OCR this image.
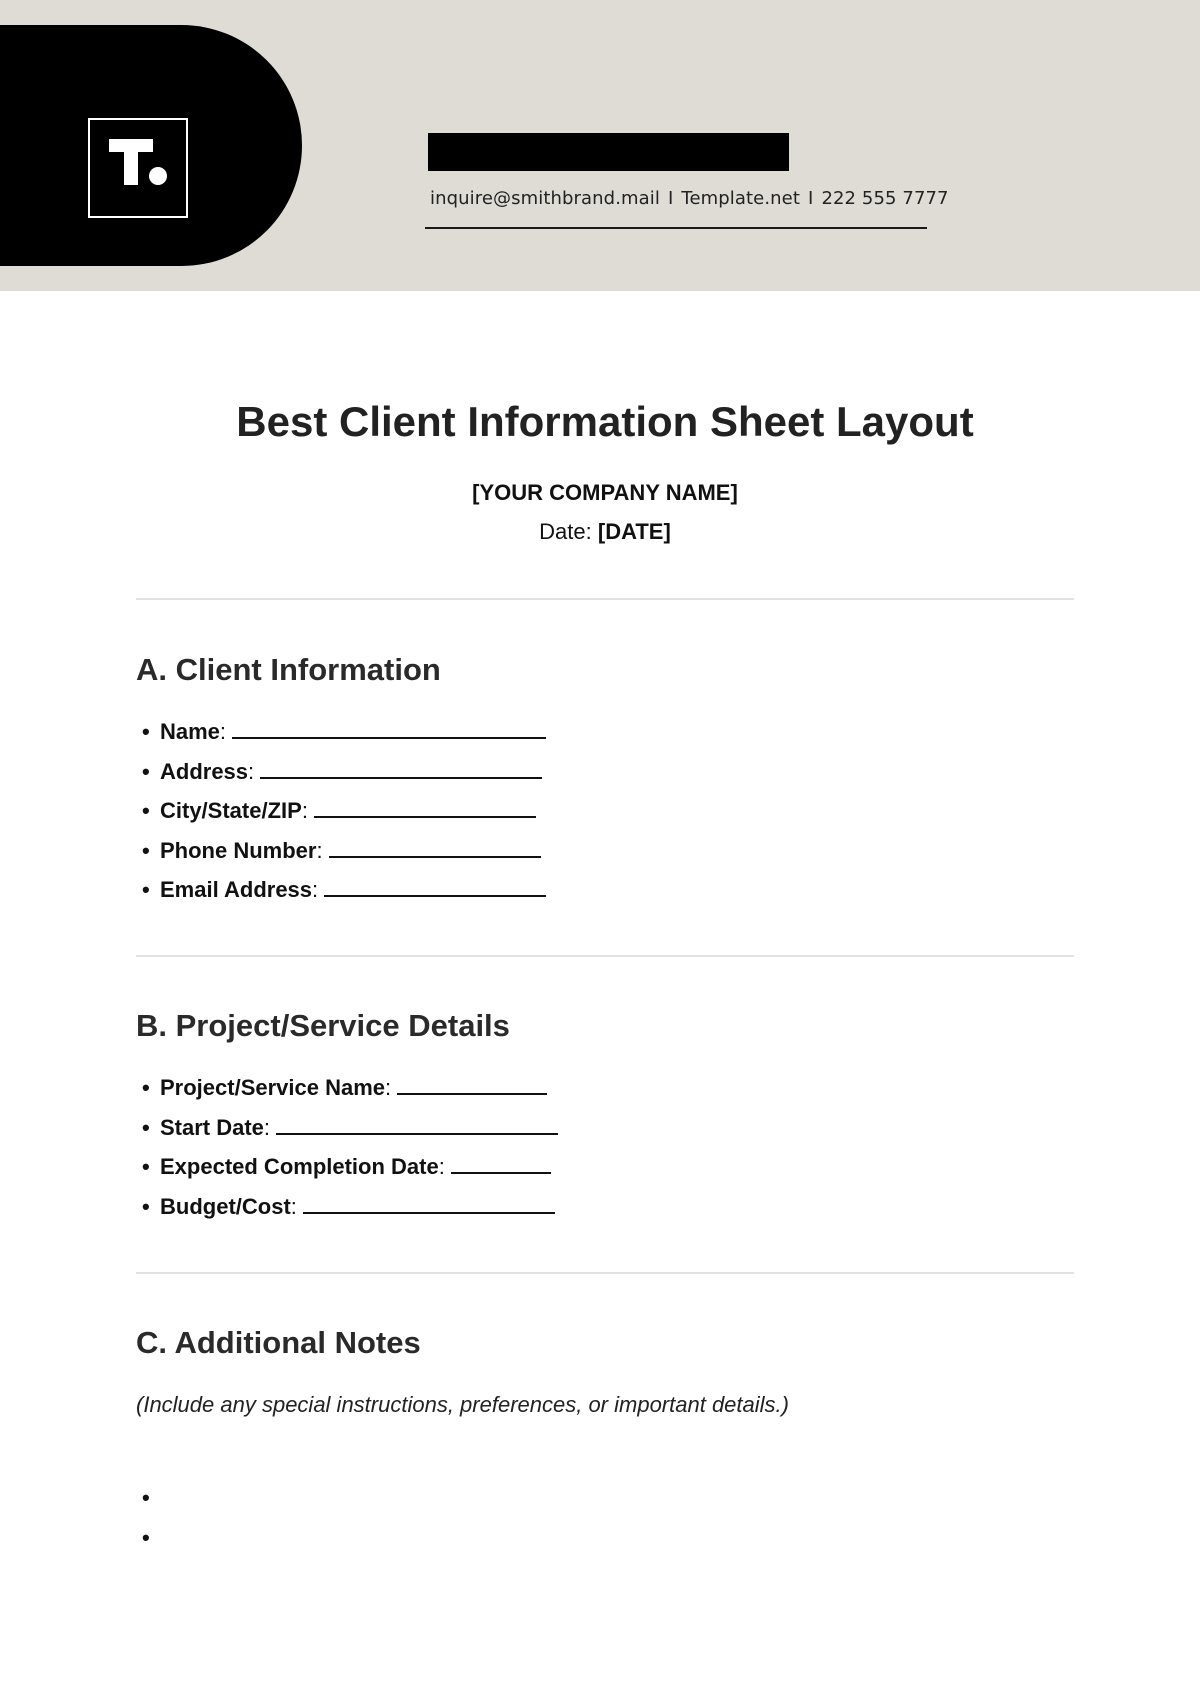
inquire@smithbrand.mail I Template.net I 222 555 7777
Best Client Information Sheet Layout
[YOUR COMPANY NAME]
Date: [DATE]
A. Client Information
• Name:
• Address:
• City/State/ZIP:
• Phone Number:
• Email Address:
B. Project/Service Details
• Project/Service Name:
• Start Date:
• Expected Completion Date:
• Budget/Cost:
C. Additional Notes
(Include any special instructions, preferences, or important details.)
•
•
